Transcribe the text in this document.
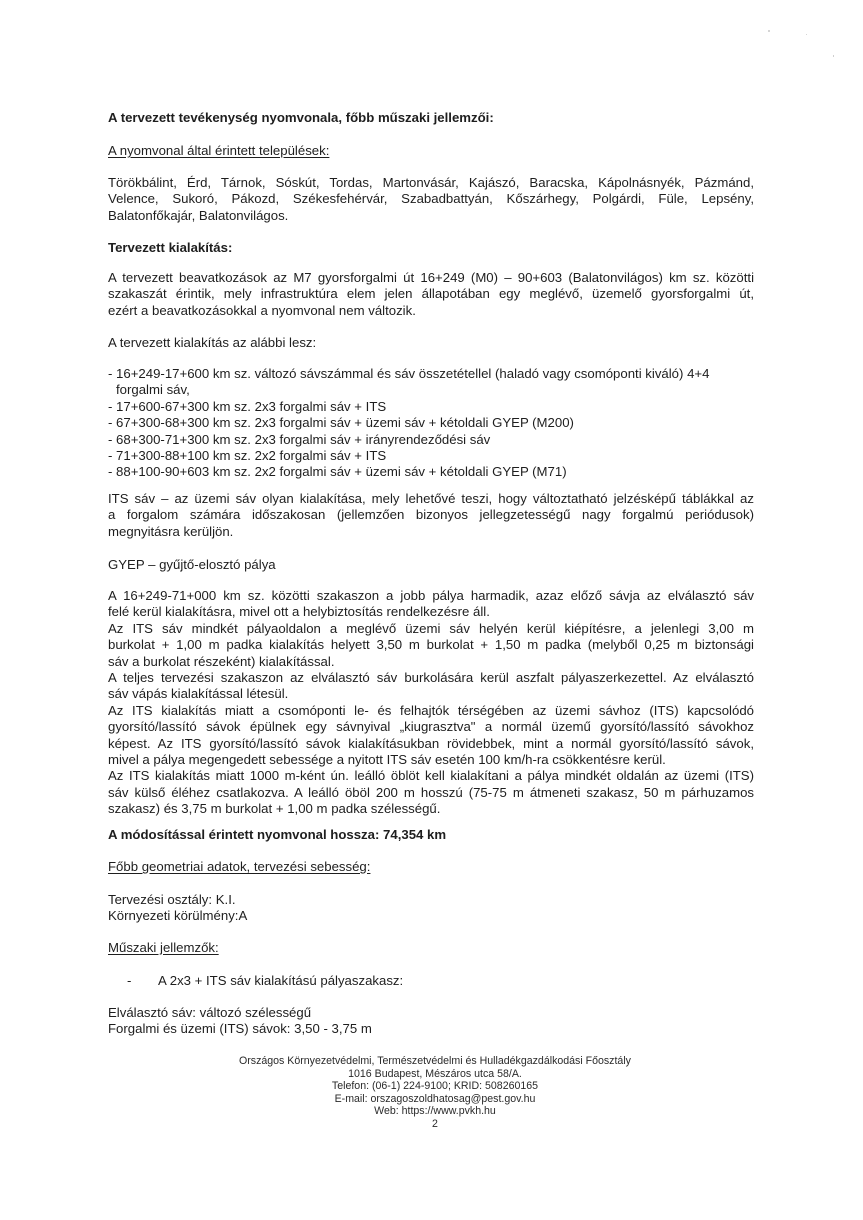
A tervezett tevékenység nyomvonala, főbb műszaki jellemzői:
A nyomvonal által érintett települések:
Törökbálint, Érd, Tárnok, Sóskút, Tordas, Martonvásár, Kajászó, Baracska, Kápolnásnyék, Pázmánd,
Velence, Sukoró, Pákozd, Székesfehérvár, Szabadbattyán, Kőszárhegy, Polgárdi, Füle, Lepsény,
Balatonfőkajár, Balatonvilágos.
Tervezett kialakítás:
A tervezett beavatkozások az M7 gyorsforgalmi út 16+249 (M0) – 90+603 (Balatonvilágos) km sz. közötti
szakaszát érintik, mely infrastruktúra elem jelen állapotában egy meglévő, üzemelő gyorsforgalmi út,
ezért a beavatkozásokkal a nyomvonal nem változik.
A tervezett kialakítás az alábbi lesz:
- 16+249-17+600 km sz. változó sávszámmal és sáv összetétellel (haladó vagy csomóponti kiváló) 4+4
forgalmi sáv,
- 17+600-67+300 km sz. 2x3 forgalmi sáv + ITS
- 67+300-68+300 km sz. 2x3 forgalmi sáv + üzemi sáv + kétoldali GYEP (M200)
- 68+300-71+300 km sz. 2x3 forgalmi sáv + irányrendeződési sáv
- 71+300-88+100 km sz. 2x2 forgalmi sáv + ITS
- 88+100-90+603 km sz. 2x2 forgalmi sáv + üzemi sáv + kétoldali GYEP (M71)
ITS sáv – az üzemi sáv olyan kialakítása, mely lehetővé teszi, hogy változtatható jelzésképű táblákkal az
a forgalom számára időszakosan (jellemzően bizonyos jellegzetességű nagy forgalmú periódusok)
megnyitásra kerüljön.
GYEP – gyűjtő-elosztó pálya
A 16+249-71+000 km sz. közötti szakaszon a jobb pálya harmadik, azaz előző sávja az elválasztó sáv
felé kerül kialakításra, mivel ott a helybiztosítás rendelkezésre áll.
Az ITS sáv mindkét pályaoldalon a meglévő üzemi sáv helyén kerül kiépítésre, a jelenlegi 3,00 m
burkolat + 1,00 m padka kialakítás helyett 3,50 m burkolat + 1,50 m padka (melyből 0,25 m biztonsági
sáv a burkolat részeként) kialakítással.
A teljes tervezési szakaszon az elválasztó sáv burkolására kerül aszfalt pályaszerkezettel. Az elválasztó
sáv vápás kialakítással létesül.
Az ITS kialakítás miatt a csomóponti le- és felhajtók térségében az üzemi sávhoz (ITS) kapcsolódó
gyorsító/lassító sávok épülnek egy sávnyival „kiugrasztva" a normál üzemű gyorsító/lassító sávokhoz
képest. Az ITS gyorsító/lassító sávok kialakításukban rövidebbek, mint a normál gyorsító/lassító sávok,
mivel a pálya megengedett sebessége a nyitott ITS sáv esetén 100 km/h-ra csökkentésre kerül.
Az ITS kialakítás miatt 1000 m-ként ún. leálló öblöt kell kialakítani a pálya mindkét oldalán az üzemi (ITS)
sáv külső éléhez csatlakozva. A leálló öböl 200 m hosszú (75-75 m átmeneti szakasz, 50 m párhuzamos
szakasz) és 3,75 m burkolat + 1,00 m padka szélességű.
A módosítással érintett nyomvonal hossza: 74,354 km
Főbb geometriai adatok, tervezési sebesség:
Tervezési osztály: K.I.
Környezeti körülmény:A
Műszaki jellemzők:
- A 2x3 + ITS sáv kialakítású pályaszakasz:
Elválasztó sáv: változó szélességű
Forgalmi és üzemi (ITS) sávok: 3,50 - 3,75 m
Országos Környezetvédelmi, Természetvédelmi és Hulladékgazdálkodási Főosztály
1016 Budapest, Mészáros utca 58/A.
Telefon: (06-1) 224-9100; KRID: 508260165
E-mail: orszagoszoldhatosag@pest.gov.hu
Web: https://www.pvkh.hu
2
